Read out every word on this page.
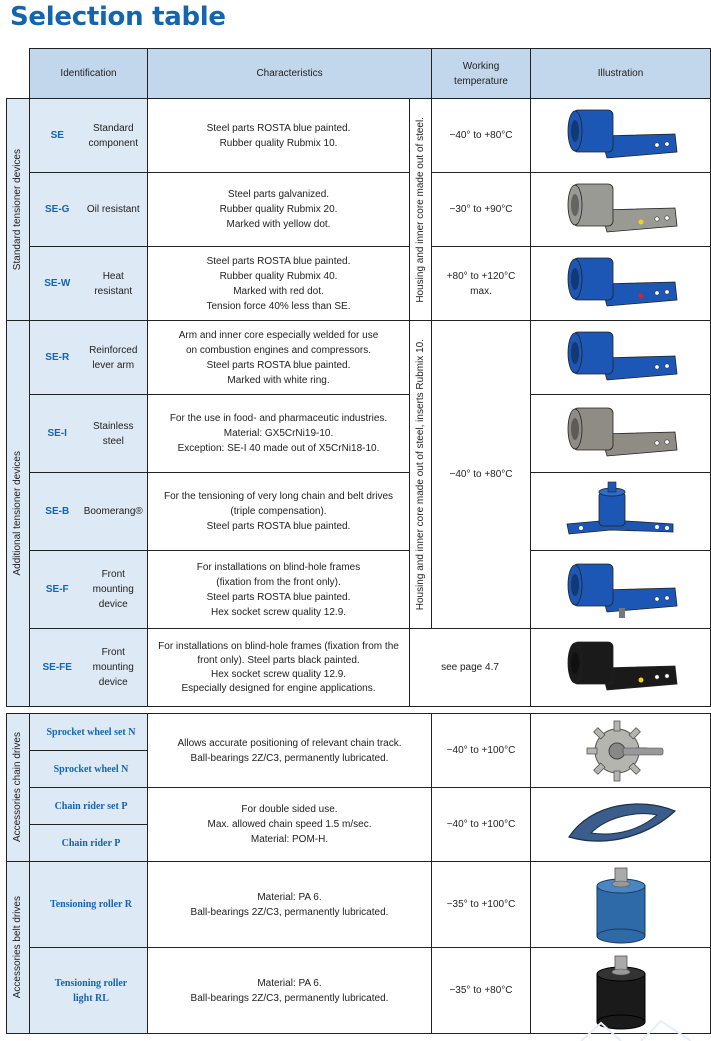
Selection table
	Identification		Characteristics		Working temperature	Illustration

Standard tensioner devices	SE	Standard
component	Steel parts ROSTA blue painted.
Rubber quality Rubmix 10.	Housing and inner core made out of steel.	−40° to +80°C	

	SE-G	Oil resistant	Steel parts galvanized.
Rubber quality Rubmix 20.
Marked with yellow dot.		−30° to +90°C	

	SE-W	Heat resistant	Steel parts ROSTA blue painted.
Rubber quality Rubmix 40.
Marked with red dot.
Tension force 40% less than SE.		+80° to +120°C
max.	

Additional tensioner devices	SE-R	Reinforced
lever arm	Arm and inner core especially welded for use
on combustion engines and compressors.
Steel parts ROSTA blue painted.
Marked with white ring.	Housing and inner core made out of steel, inserts Rubmix 10.	−40° to +80°C	

	SE-I	Stainless steel	For the use in food- and pharmaceutic industries.
Material: GX5CrNi19-10.
Exception: SE-I 40 made out of X5CrNi18-10.	

	SE-B	Boomerang®	For the tensioning of very long chain and belt drives
(triple compensation).
Steel parts ROSTA blue painted.	

	SE-F	Front
mounting
device	For installations on blind-hole frames
(fixation from the front only).
Steel parts ROSTA blue painted.
Hex socket screw quality 12.9.	

	SE-FE	Front
mounting
device	For installations on blind-hole frames (fixation from the
front only). Steel parts black painted.
Hex socket screw quality 12.9.
Especially designed for engine applications.	see page 4.7	
Accessories chain drives	Sprocket wheel set N	Allows accurate positioning of relevant chain track.
Ball-bearings 2Z/C3, permanently lubricated.	−40° to +100°C	

	Sprocket wheel N			
	Chain rider set P	For double sided use.
Max. allowed chain speed 1.5 m/sec.
Material: POM-H.	−40° to +100°C	

	Chain rider P			

Accessories belt drives	Tensioning roller R	Material: PA 6.
Ball-bearings 2Z/C3, permanently lubricated.	−35° to +100°C	

	Tensioning roller
light RL	Material: PA 6.
Ball-bearings 2Z/C3, permanently lubricated.	−35° to +80°C	
